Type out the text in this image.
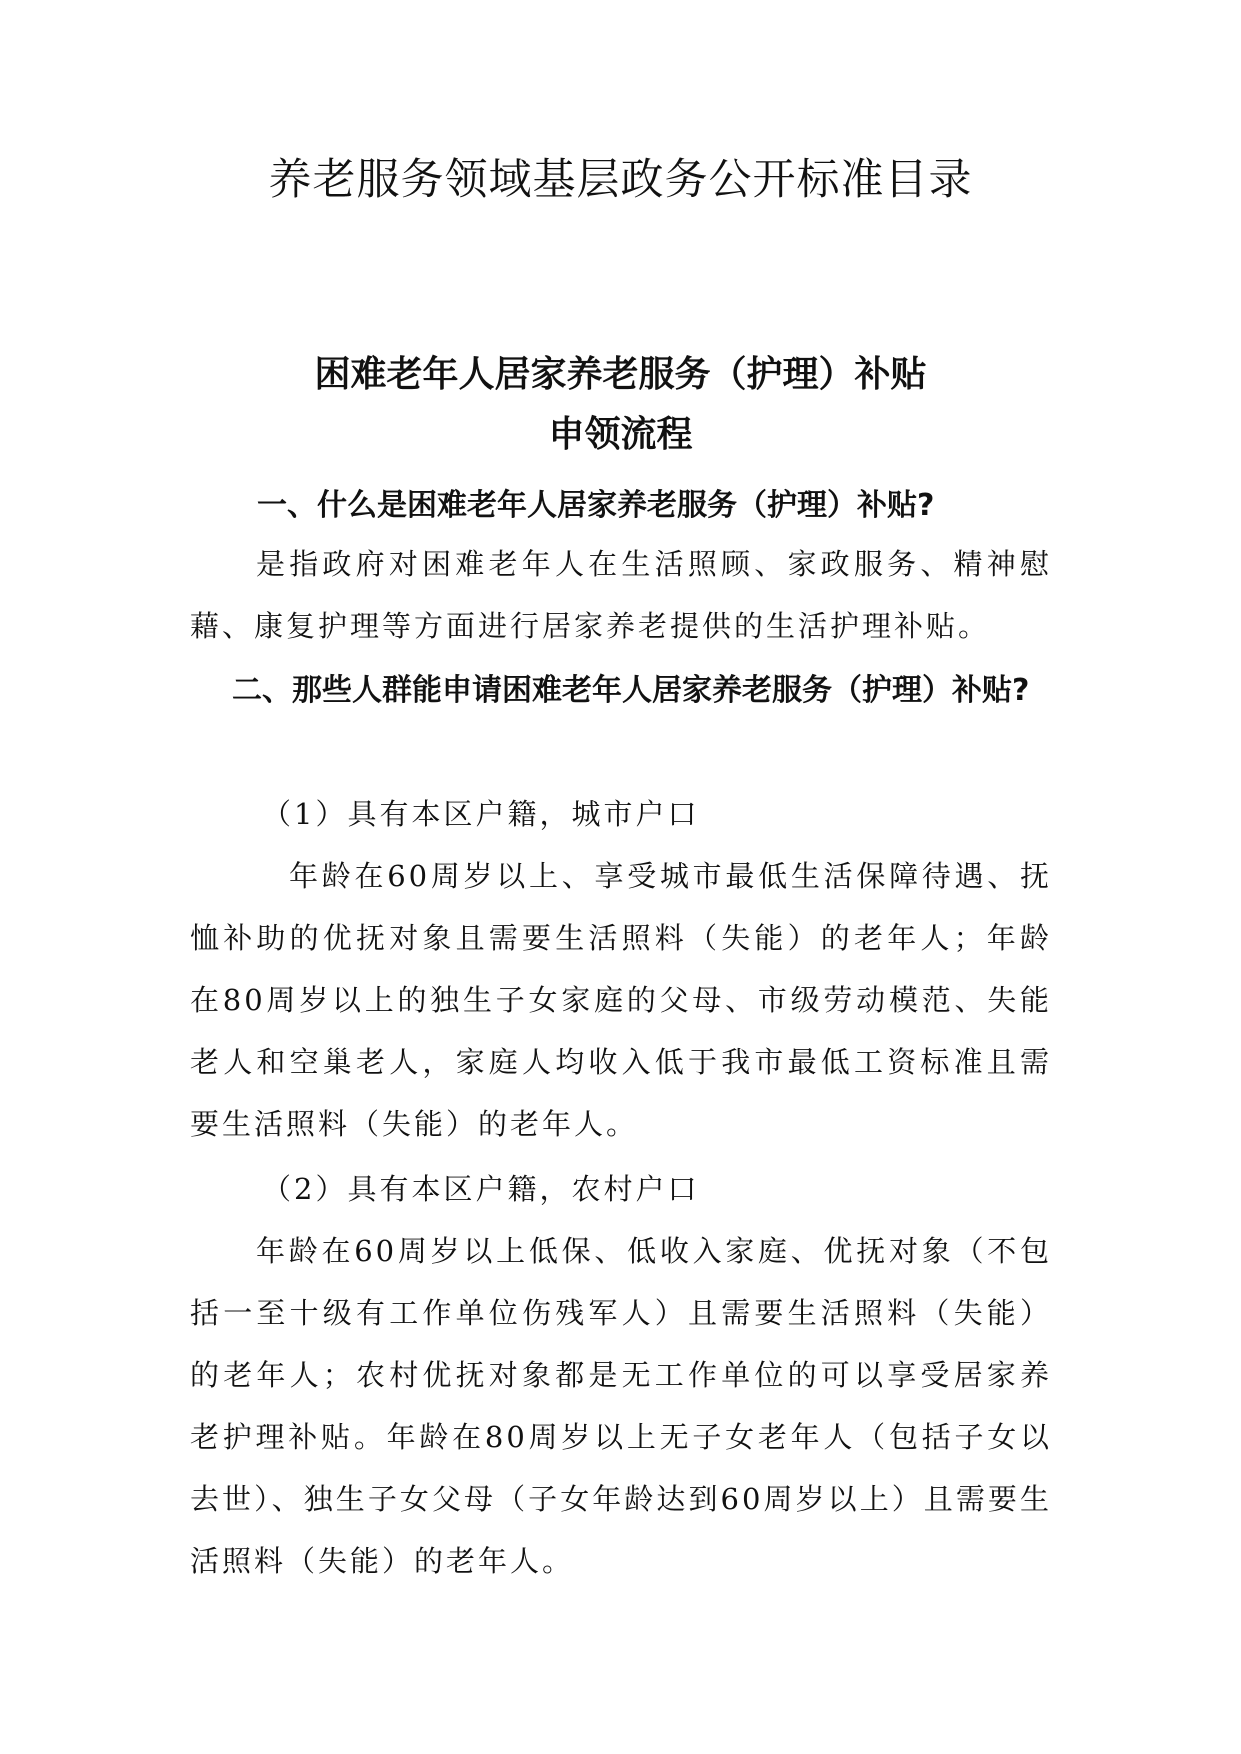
养老服务领域基层政务公开标准目录
困难老年人居家养老服务（护理）补贴
申领流程
一、什么是困难老年人居家养老服务（护理）补贴?

是指政府对困难老年人在生活照顾、家政服务、精神慰藉、康复护理等方面进行居家养老提供的生活护理补贴。

二、那些人群能申请困难老年人居家养老服务（护理）补贴?

（1）具有本区户籍，城市户口

年龄在60周岁以上、享受城市最低生活保障待遇、抚恤补助的优抚对象且需要生活照料（失能）的老年人；年龄在80周岁以上的独生子女家庭的父母、市级劳动模范、失能老人和空巢老人，家庭人均收入低于我市最低工资标准且需要生活照料（失能）的老年人。

（2）具有本区户籍，农村户口

年龄在60周岁以上低保、低收入家庭、优抚对象（不包括一至十级有工作单位伤残军人）且需要生活照料（失能）的老年人；农村优抚对象都是无工作单位的可以享受居家养老护理补贴。年龄在80周岁以上无子女老年人（包括子女以去世）、独生子女父母（子女年龄达到60周岁以上）且需要生活照料（失能）的老年人。
